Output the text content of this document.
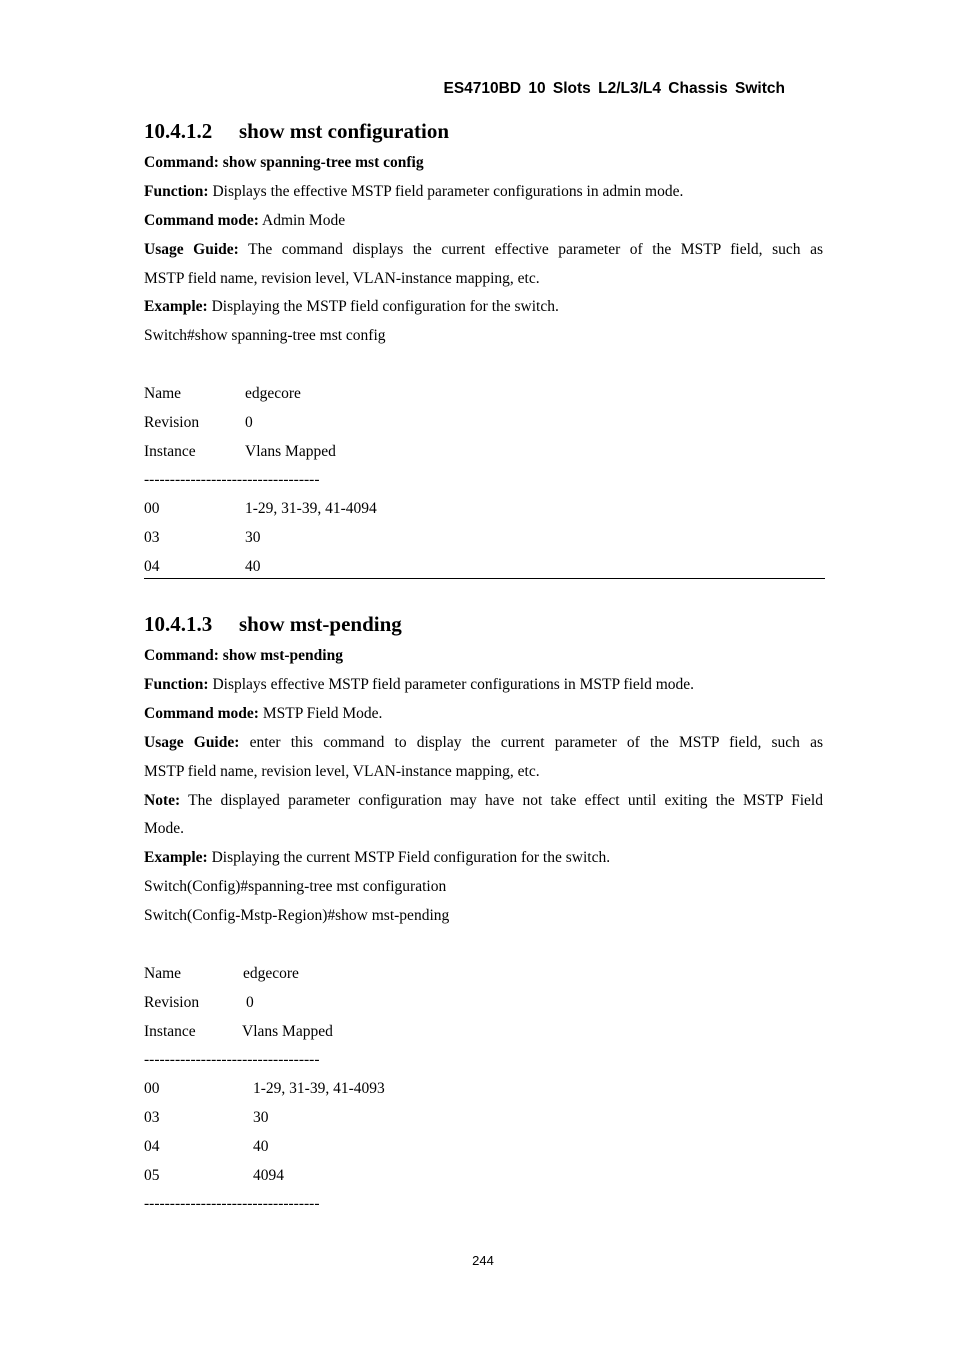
ES4710BD 10 Slots L2/L3/L4 Chassis Switch
10.4.1.2 show mst configuration
Command: show spanning-tree mst config
Function: Displays the effective MSTP field parameter configurations in admin mode.
Command mode: Admin Mode
Usage Guide: The command displays the current effective parameter of the MSTP field, such as
MSTP field name, revision level, VLAN-instance mapping, etc.
Example: Displaying the MSTP field configuration for the switch.
Switch#show spanning-tree mst config
Name	edgecore
Revision	0
Instance	Vlans Mapped
----------------------------------
00	1-29, 31-39, 41-4094
03	30
04	40
10.4.1.3 show mst-pending
Command: show mst-pending
Function: Displays effective MSTP field parameter configurations in MSTP field mode.
Command mode: MSTP Field Mode.
Usage Guide: enter this command to display the current parameter of the MSTP field, such as
MSTP field name, revision level, VLAN-instance mapping, etc.
Note: The displayed parameter configuration may have not take effect until exiting the MSTP Field
Mode.
Example: Displaying the current MSTP Field configuration for the switch.
Switch(Config)#spanning-tree mst configuration
Switch(Config-Mstp-Region)#show mst-pending
Name	edgecore
Revision	0
Instance	Vlans Mapped
----------------------------------
00	1-29, 31-39, 41-4093
03	30
04	40
05	4094
----------------------------------
244
